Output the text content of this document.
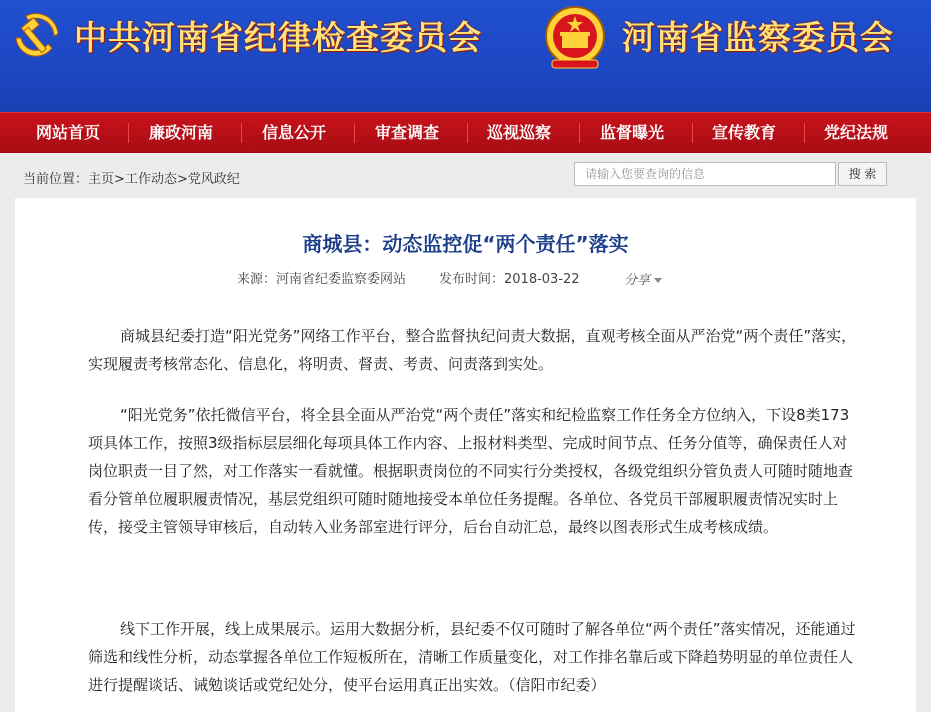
中共河南省纪律检查委员会	河南省监察委员会
网站首页	廉政河南	信息公开	审查调查	巡视巡察	监督曝光	宣传教育	党纪法规
当前位置：主页>工作动态>党风政纪	请输入您要查询的信息	搜 索
商城县：动态监控促“两个责任”落实
来源：河南省纪委监察委网站	发布时间：2018-03-22	分享
商城县纪委打造“阳光党务”网络工作平台，整合监督执纪问责大数据，直观考核全面从严治党“两个责任”落实，实现履责考核常态化、信息化，将明责、督责、考责、问责落到实处。
“阳光党务”依托微信平台，将全县全面从严治党“两个责任”落实和纪检监察工作任务全方位纳入，下设8类173项具体工作，按照3级指标层层细化每项具体工作内容、上报材料类型、完成时间节点、任务分值等，确保责任人对岗位职责一目了然，对工作落实一看就懂。根据职责岗位的不同实行分类授权，各级党组织分管负责人可随时随地查看分管单位履职履责情况，基层党组织可随时随地接受本单位任务提醒。各单位、各党员干部履职履责情况实时上传，接受主管领导审核后，自动转入业务部室进行评分，后台自动汇总，最终以图表形式生成考核成绩。
线下工作开展，线上成果展示。运用大数据分析，县纪委不仅可随时了解各单位“两个责任”落实情况，还能通过筛选和线性分析，动态掌握各单位工作短板所在，清晰工作质量变化，对工作排名靠后或下降趋势明显的单位责任人进行提醒谈话、诫勉谈话或党纪处分，使平台运用真正出实效。（信阳市纪委）
